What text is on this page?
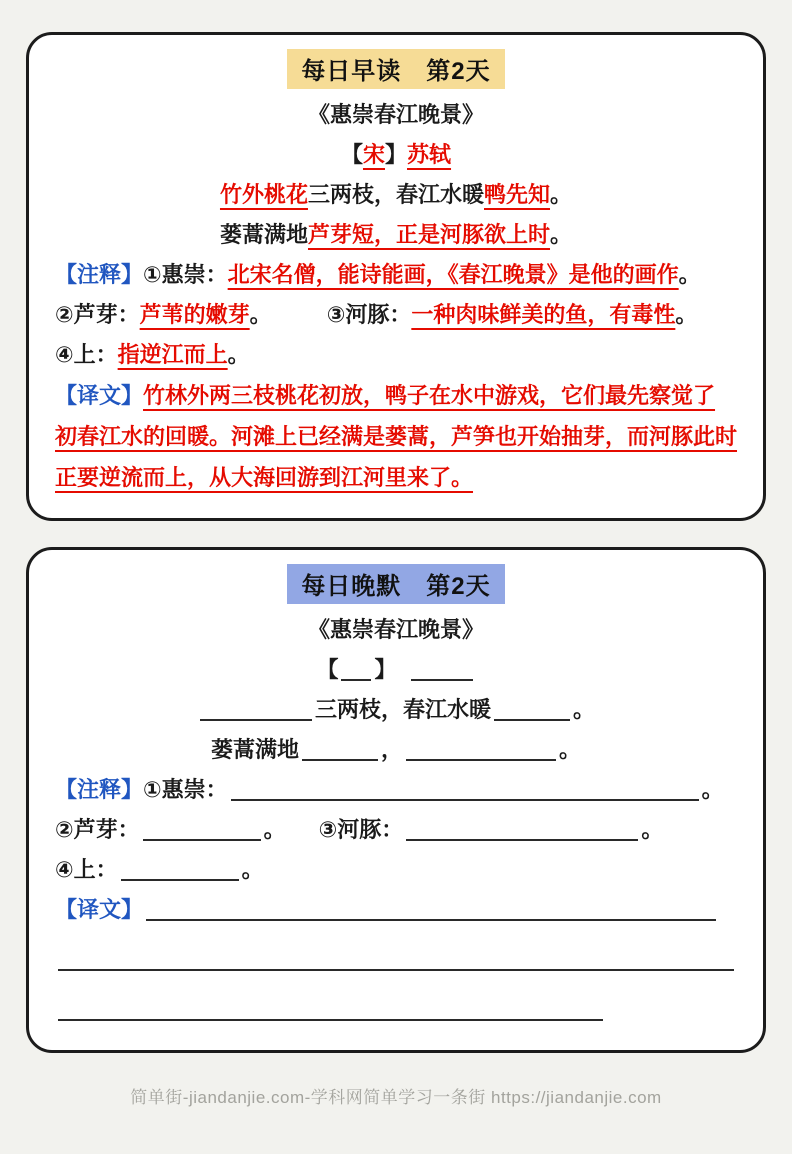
每日早读　第2天
《惠崇春江晚景》
【宋】苏轼
竹外桃花三两枝，春江水暖鸭先知。
蒌蒿满地芦芽短，正是河豚欲上时。
【注释】①惠崇：北宋名僧，能诗能画，《春江晚景》是他的画作。
②芦芽：芦苇的嫩芽。　　　	③河豚：一种肉味鲜美的鱼，有毒性。
④上：指逆江而上。
【译文】竹林外两三枝桃花初放，鸭子在水中游戏，它们最先察觉了初春江水的回暖。河滩上已经满是蒌蒿，芦笋也开始抽芽，而河豚此时正要逆流而上，从大海回游到江河里来了。
每日晚默　第2天
《惠崇春江晚景》
【 】　
三两枝，春江水暖	。
蒌蒿满地	，	。
【注释】①惠崇：	。
②芦芽：	。　　 ③河豚：	。
④上：	。
【译文】
简单街-jiandanjie.com-学科网简单学习一条街 https://jiandanjie.com
